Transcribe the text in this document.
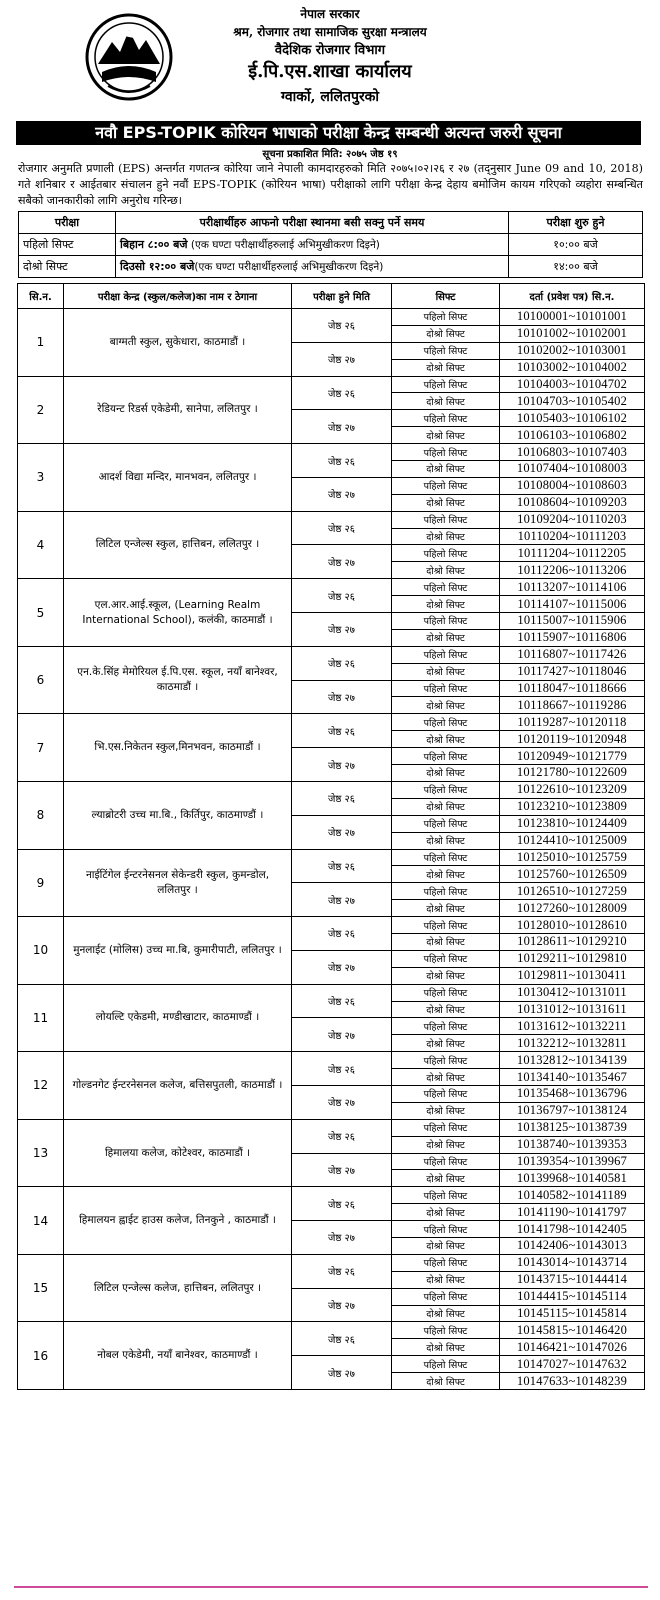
नेपाल सरकार
श्रम, रोजगार तथा सामाजिक सुरक्षा मन्त्रालय
वैदेशिक रोजगार विभाग
ई.पि.एस.शाखा कार्यालय
ग्वार्को, ललितपुरको
नवौ EPS-TOPIK कोरियन भाषाको परीक्षा केन्द्र सम्बन्धी अत्यन्त जरुरी सूचना
सूचना प्रकाशित मिति: २०७५ जेष्ठ १९
रोजगार अनुमति प्रणाली (EPS) अन्तर्गत गणतन्त्र कोरिया जाने नेपाली कामदारहरुको मिति २०७५।०२।२६ र २७ (तद्नुसार June 09 and 10, 2018) गते शनिबार र आईतबार संचालन हुने नवौं EPS-TOPIK (कोरियन भाषा) परीक्षाको लागि परीक्षा केन्द्र देहाय बमोजिम कायम गरिएको व्यहोरा सम्बन्धित सबैको जानकारीको लागि अनुरोध गरिन्छ।
परीक्षा	परीक्षार्थीहरु आफनो परीक्षा स्थानमा बसी सक्नु पर्ने समय	परीक्षा शुरु हुने
पहिलो सिफ्ट	बिहान ८:०० बजे (एक घण्टा परीक्षार्थीहरुलाई अभिमुखीकरण दिइने)	१०:०० बजे
दोश्रो सिफ्ट	दिउसो १२:०० बजे(एक घण्टा परीक्षार्थीहरुलाई अभिमुखीकरण दिइने)	१४:०० बजे
सि.न.	परीक्षा केन्द्र (स्कुल/कलेज)का नाम र ठेगाना	परीक्षा हुने मिति	सिफ्ट	दर्ता (प्रवेश पत्र) सि.न.
1	बाग्मती स्कुल, सुकेधारा, काठमाडौं ।	जेष्ठ २६	पहिलो सिफ्ट	10100001~10101001
			दोश्रो सिफ्ट	10101002~10102001
		जेष्ठ २७	पहिलो सिफ्ट	10102002~10103001
			दोश्रो सिफ्ट	10103002~10104002
2	रेडियन्ट रिडर्स एकेडेमी, सानेपा, ललितपुर ।	जेष्ठ २६	पहिलो सिफ्ट	10104003~10104702
			दोश्रो सिफ्ट	10104703~10105402
		जेष्ठ २७	पहिलो सिफ्ट	10105403~10106102
			दोश्रो सिफ्ट	10106103~10106802
3	आदर्श विद्या मन्दिर, मानभवन, ललितपुर ।	जेष्ठ २६	पहिलो सिफ्ट	10106803~10107403
			दोश्रो सिफ्ट	10107404~10108003
		जेष्ठ २७	पहिलो सिफ्ट	10108004~10108603
			दोश्रो सिफ्ट	10108604~10109203
4	लिटिल एन्जेल्स स्कुल, हात्तिबन, ललितपुर ।	जेष्ठ २६	पहिलो सिफ्ट	10109204~10110203
			दोश्रो सिफ्ट	10110204~10111203
		जेष्ठ २७	पहिलो सिफ्ट	10111204~10112205
			दोश्रो सिफ्ट	10112206~10113206
5	एल.आर.आई.स्कूल, (Learning Realm International School), कलंकी, काठमाडौं ।	जेष्ठ २६	पहिलो सिफ्ट	10113207~10114106
			दोश्रो सिफ्ट	10114107~10115006
		जेष्ठ २७	पहिलो सिफ्ट	10115007~10115906
			दोश्रो सिफ्ट	10115907~10116806
6	एन.के.सिंह मेमोरियल ई.पि.एस. स्कूल, नयाँ बानेश्वर, काठमाडौं ।	जेष्ठ २६	पहिलो सिफ्ट	10116807~10117426
			दोश्रो सिफ्ट	10117427~10118046
		जेष्ठ २७	पहिलो सिफ्ट	10118047~10118666
			दोश्रो सिफ्ट	10118667~10119286
7	भि.एस.निकेतन स्कुल,मिनभवन, काठमाडौं ।	जेष्ठ २६	पहिलो सिफ्ट	10119287~10120118
			दोश्रो सिफ्ट	10120119~10120948
		जेष्ठ २७	पहिलो सिफ्ट	10120949~10121779
			दोश्रो सिफ्ट	10121780~10122609
8	ल्याब्रोटरी उच्च मा.बि., किर्तिपुर, काठमाण्डौं ।	जेष्ठ २६	पहिलो सिफ्ट	10122610~10123209
			दोश्रो सिफ्ट	10123210~10123809
		जेष्ठ २७	पहिलो सिफ्ट	10123810~10124409
			दोश्रो सिफ्ट	10124410~10125009
9	नाईटिंगेल ईन्टरनेसनल सेकेन्डरी स्कुल, कुमन्डोल, ललितपुर ।	जेष्ठ २६	पहिलो सिफ्ट	10125010~10125759
			दोश्रो सिफ्ट	10125760~10126509
		जेष्ठ २७	पहिलो सिफ्ट	10126510~10127259
			दोश्रो सिफ्ट	10127260~10128009
10	मुनलाईट (मोलिस) उच्च मा.बि, कुमारीपाटी, ललितपुर ।	जेष्ठ २६	पहिलो सिफ्ट	10128010~10128610
			दोश्रो सिफ्ट	10128611~10129210
		जेष्ठ २७	पहिलो सिफ्ट	10129211~10129810
			दोश्रो सिफ्ट	10129811~10130411
11	लोयल्टि एकेडमी, मण्डीखाटार, काठमाण्डौं ।	जेष्ठ २६	पहिलो सिफ्ट	10130412~10131011
			दोश्रो सिफ्ट	10131012~10131611
		जेष्ठ २७	पहिलो सिफ्ट	10131612~10132211
			दोश्रो सिफ्ट	10132212~10132811
12	गोल्डनगेट ईन्टरनेसनल कलेज, बत्तिसपुतली, काठमाडौं ।	जेष्ठ २६	पहिलो सिफ्ट	10132812~10134139
			दोश्रो सिफ्ट	10134140~10135467
		जेष्ठ २७	पहिलो सिफ्ट	10135468~10136796
			दोश्रो सिफ्ट	10136797~10138124
13	हिमालया कलेज, कोटेश्वर, काठमाडौं ।	जेष्ठ २६	पहिलो सिफ्ट	10138125~10138739
			दोश्रो सिफ्ट	10138740~10139353
		जेष्ठ २७	पहिलो सिफ्ट	10139354~10139967
			दोश्रो सिफ्ट	10139968~10140581
14	हिमालयन ह्वाईट हाउस कलेज, तिनकुने , काठमाडौं ।	जेष्ठ २६	पहिलो सिफ्ट	10140582~10141189
			दोश्रो सिफ्ट	10141190~10141797
		जेष्ठ २७	पहिलो सिफ्ट	10141798~10142405
			दोश्रो सिफ्ट	10142406~10143013
15	लिटिल एन्जेल्स कलेज, हात्तिबन, ललितपुर ।	जेष्ठ २६	पहिलो सिफ्ट	10143014~10143714
			दोश्रो सिफ्ट	10143715~10144414
		जेष्ठ २७	पहिलो सिफ्ट	10144415~10145114
			दोश्रो सिफ्ट	10145115~10145814
16	नोबल एकेडेमी, नयाँ बानेश्वर, काठमाण्डौं ।	जेष्ठ २६	पहिलो सिफ्ट	10145815~10146420
			दोश्रो सिफ्ट	10146421~10147026
		जेष्ठ २७	पहिलो सिफ्ट	10147027~10147632
			दोश्रो सिफ्ट	10147633~10148239
